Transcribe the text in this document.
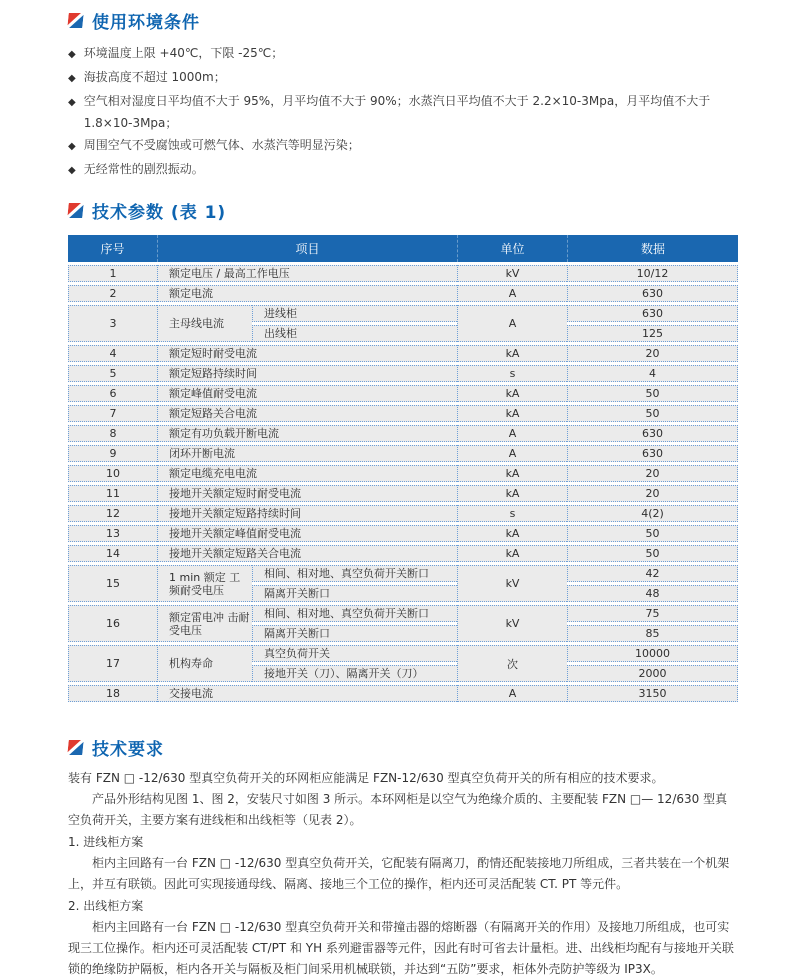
使用环境条件
◆ 环境温度上限 +40℃，下限 -25℃；
◆ 海拔高度不超过 1000m；
◆ 空气相对湿度日平均值不大于 95%，月平均值不大于 90%；水蒸汽日平均值不大于 2.2×10-3Mpa，月平均值不大于 1.8×10-3Mpa；
◆ 周围空气不受腐蚀或可燃气体、水蒸汽等明显污染；
◆ 无经常性的剧烈振动。
技术参数 (表 1)
序号	项目		单位	数据
1	额定电压 / 最高工作电压		kV	10/12
2	额定电流		A	630
3	主母线电流	进线柜	A	630
		出线柜		125
4	额定短时耐受电流		kA	20
5	额定短路持续时间		s	4
6	额定峰值耐受电流		kA	50
7	额定短路关合电流		kA	50
8	额定有功负载开断电流		A	630
9	闭环开断电流		A	630
10	额定电缆充电电流		kA	20
11	接地开关额定短时耐受电流		kA	20
12	接地开关额定短路持续时间		s	4(2)
13	接地开关额定峰值耐受电流		kA	50
14	接地开关额定短路关合电流		kA	50
15	1 min 额定 工频耐受电压	相间、相对地、真空负荷开关断口	kV	42
		隔离开关断口		48
16	额定雷电冲 击耐受电压	相间、相对地、真空负荷开关断口	kV	75
		隔离开关断口		85
17	机构寿命	真空负荷开关	次	10000
		接地开关（刀）、隔离开关（刀）		2000
18	交接电流		A	3150
技术要求

装有 FZN □ -12/630 型真空负荷开关的环网柜应能满足 FZN-12/630 型真空负荷开关的所有相应的技术要求。

产品外形结构见图 1、图 2，安装尺寸如图 3 所示。本环网柜是以空气为绝缘介质的、主要配装 FZN □— 12/630 型真空负荷开关，主要方案有进线柜和出线柜等（见表 2）。

1. 进线柜方案

柜内主回路有一台 FZN □ -12/630 型真空负荷开关，它配装有隔离刀，酌情还配装接地刀所组成，三者共装在一个机架上，并互有联锁。因此可实现接通母线、隔离、接地三个工位的操作，柜内还可灵活配装 CT. PT 等元件。

2. 出线柜方案

柜内主回路有一台 FZN □ -12/630 型真空负荷开关和带撞击器的熔断器（有隔离开关的作用）及接地刀所组成，也可实现三工位操作。柜内还可灵活配装 CT/PT 和 YH 系列避雷器等元件，因此有时可省去计量柜。进、出线柜均配有与接地开关联锁的绝缘防护隔板，柜内各开关与隔板及柜门间采用机械联锁，并达到“五防”要求，柜体外壳防护等级为 IP3X。
